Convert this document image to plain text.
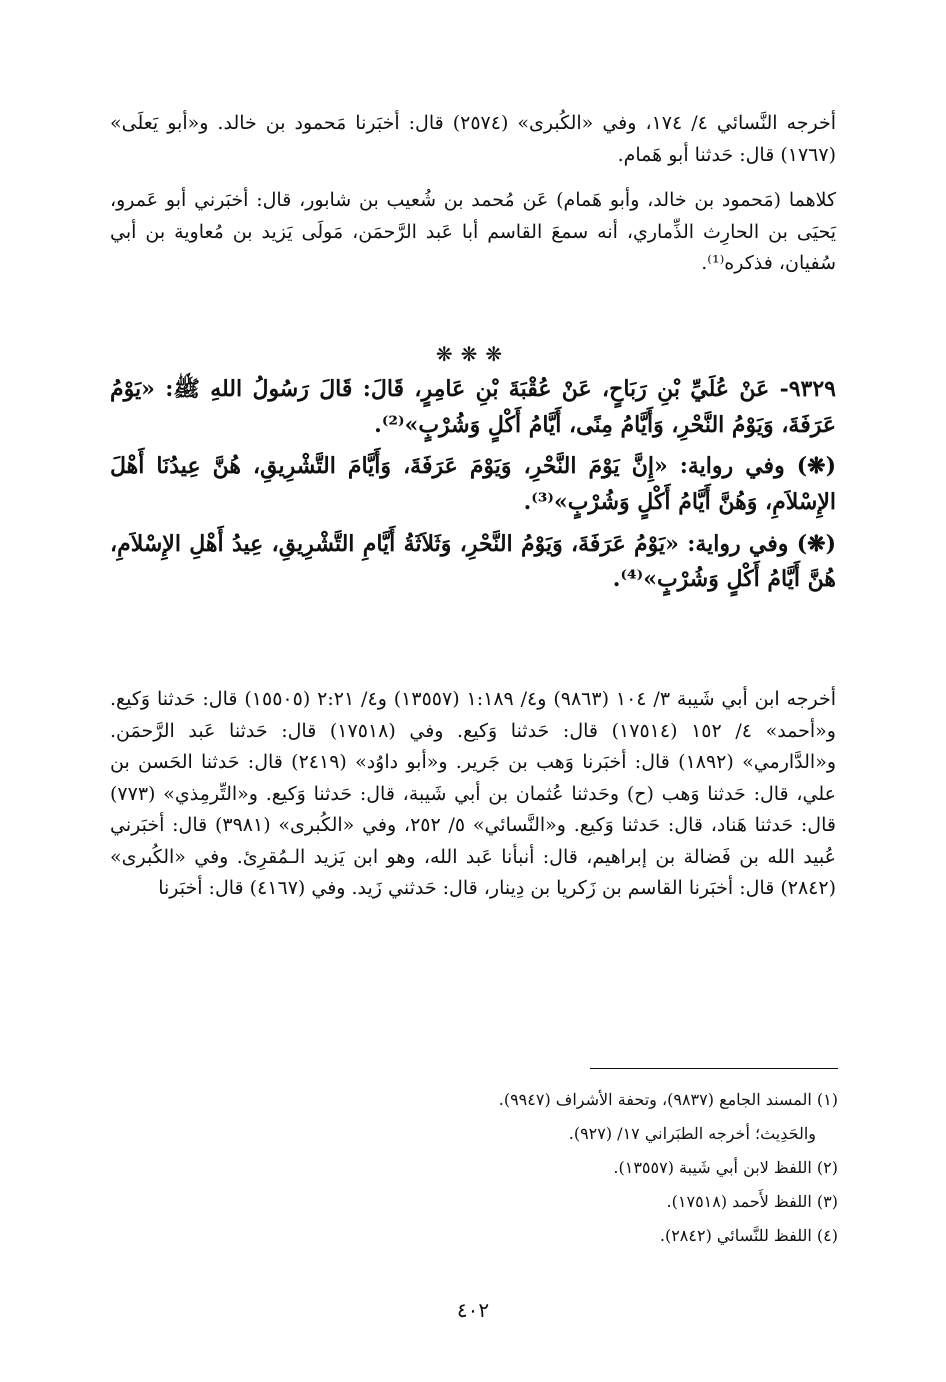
أخرجه النَّسائي ٤/ ١٧٤، وفي «الكُبرى» (٢٥٧٤) قال: أخبَرنا مَحمود بن خالد. و«أبو يَعلَى» (١٧٦٧) قال: حَدثنا أبو هَمام.

كلاهما (مَحمود بن خالد، وأبو هَمام) عَن مُحمد بن شُعيب بن شابور، قال: أخبَرني أبو عَمرو، يَحيَى بن الحارِث الذِّماري، أنه سمعَ القاسم أبا عَبد الرَّحمَن، مَولَى يَزيد بن مُعاوية بن أبي سُفيان، فذكره⁽¹⁾.

❋❋❋

٩٣٢٩- عَنْ عُلَيِّ بْنِ رَبَاحٍ، عَنْ عُقْبَةَ بْنِ عَامِرٍ، قَالَ: قَالَ رَسُولُ اللهِ ﷺ: «يَوْمُ عَرَفَةَ، وَيَوْمُ النَّحْرِ، وَأَيَّامُ مِنًى، أَيَّامُ أَكْلٍ وَشُرْبٍ»⁽²⁾.

(❋) وفي رواية: «إِنَّ يَوْمَ النَّحْرِ، وَيَوْمَ عَرَفَةَ، وَأَيَّامَ التَّشْرِيقِ، هُنَّ عِيدُنَا أَهْلَ الإِسْلاَمِ، وَهُنَّ أَيَّامُ أَكْلٍ وَشُرْبٍ»⁽³⁾.

(❋) وفي رواية: «يَوْمُ عَرَفَةَ، وَيَوْمُ النَّحْرِ، وَثَلاَثَةُ أَيَّامِ التَّشْرِيقِ، عِيدُ أَهْلِ الإِسْلاَمِ، هُنَّ أَيَّامُ أَكْلٍ وَشُرْبٍ»⁽⁴⁾.

أخرجه ابن أبي شَيبة ٣/ ١٠٤ (٩٨٦٣) و٤/ ١:١٨٩ (١٣٥٥٧) و٤/ ٢:٢١ (١٥٥٠٥) قال: حَدثنا وَكيع. و«أحمد» ٤/ ١٥٢ (١٧٥١٤) قال: حَدثنا وَكيع. وفي (١٧٥١٨) قال: حَدثنا عَبد الرَّحمَن. و«الدَّارمي» (١٨٩٢) قال: أخبَرنا وَهب بن جَرير. و«أبو داوُد» (٢٤١٩) قال: حَدثنا الحَسن بن علي، قال: حَدثنا وَهب (ح) وحَدثنا عُثمان بن أبي شَيبة، قال: حَدثنا وَكيع. و«التِّرمِذي» (٧٧٣) قال: حَدثنا هَناد، قال: حَدثنا وَكيع. و«النَّسائي» ٥/ ٢٥٢، وفي «الكُبرى» (٣٩٨١) قال: أخبَرني عُبيد الله بن فَضالة بن إبراهيم، قال: أنبأنا عَبد الله، وهو ابن يَزيد الـمُقرِئ. وفي «الكُبرى» (٢٨٤٢) قال: أخبَرنا القاسم بن زَكريا بن دِينار، قال: حَدثني زَيد. وفي (٤١٦٧) قال: أخبَرنا

(١) المسند الجامع (٩٨٣٧)، وتحفة الأشراف (٩٩٤٧).
والحَدِيث؛ أخرجه الطبَراني ١٧/ (٩٢٧).
(٢) اللفظ لابن أبي شَيبة (١٣٥٥٧).
(٣) اللفظ لأَحمد (١٧٥١٨).
(٤) اللفظ للنَّسائي (٢٨٤٢).
٤٠٢
